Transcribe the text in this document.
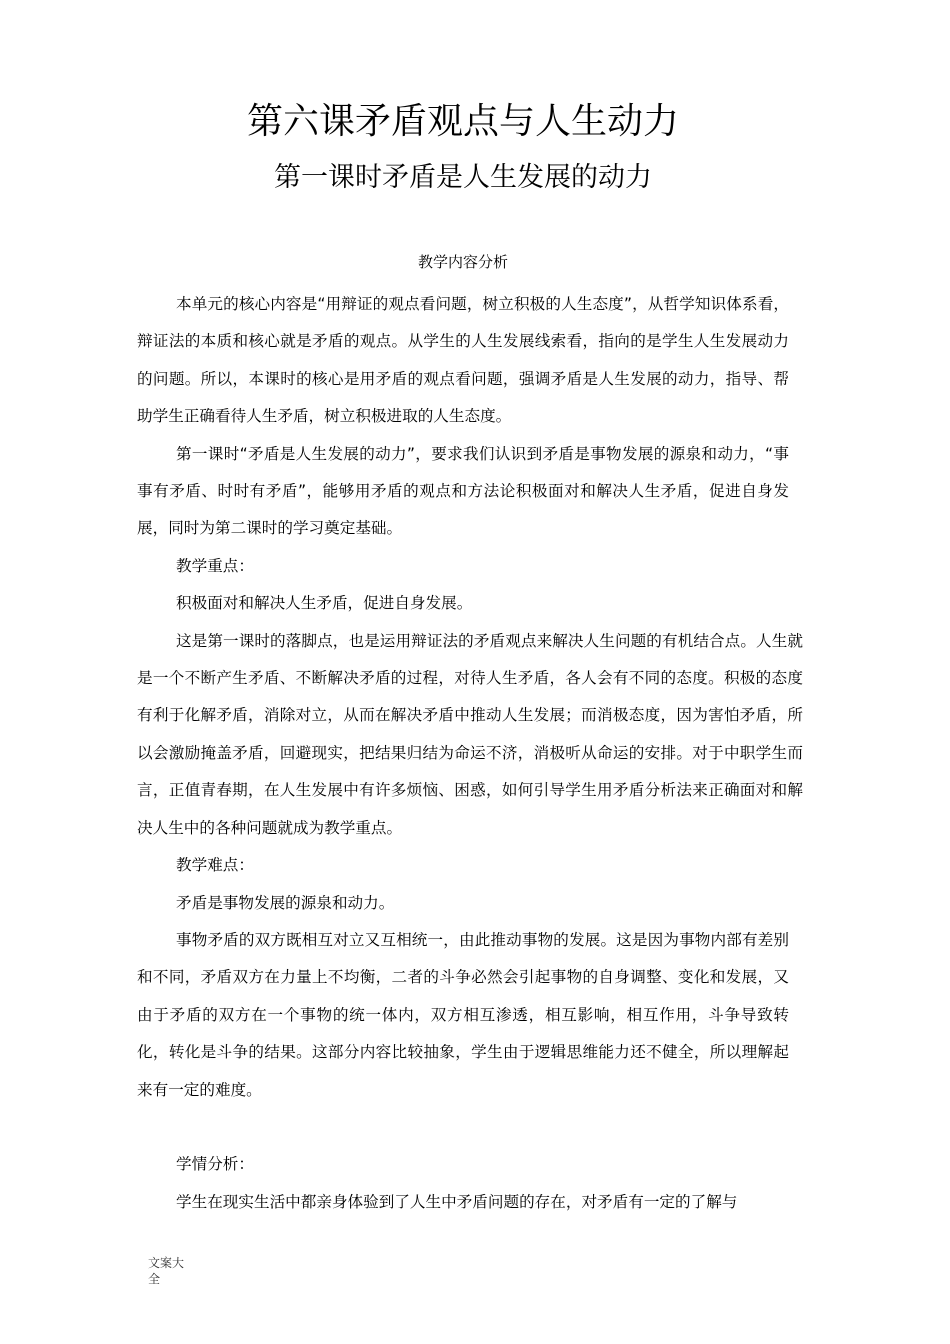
第六课矛盾观点与人生动力
第一课时矛盾是人生发展的动力
教学内容分析

本单元的核心内容是“用辩证的观点看问题，树立积极的人生态度”，从哲学知识体系看，辩证法的本质和核心就是矛盾的观点。从学生的人生发展线索看，指向的是学生人生发展动力的问题。所以，本课时的核心是用矛盾的观点看问题，强调矛盾是人生发展的动力，指导、帮助学生正确看待人生矛盾，树立积极进取的人生态度。

第一课时“矛盾是人生发展的动力”，要求我们认识到矛盾是事物发展的源泉和动力，“事事有矛盾、时时有矛盾”，能够用矛盾的观点和方法论积极面对和解决人生矛盾，促进自身发展，同时为第二课时的学习奠定基础。

教学重点：

积极面对和解决人生矛盾，促进自身发展。

这是第一课时的落脚点，也是运用辩证法的矛盾观点来解决人生问题的有机结合点。人生就是一个不断产生矛盾、不断解决矛盾的过程，对待人生矛盾，各人会有不同的态度。积极的态度有利于化解矛盾，消除对立，从而在解决矛盾中推动人生发展；而消极态度，因为害怕矛盾，所以会激励掩盖矛盾，回避现实，把结果归结为命运不济，消极听从命运的安排。对于中职学生而言，正值青春期，在人生发展中有许多烦恼、困惑，如何引导学生用矛盾分析法来正确面对和解决人生中的各种问题就成为教学重点。

教学难点：

矛盾是事物发展的源泉和动力。

事物矛盾的双方既相互对立又互相统一，由此推动事物的发展。这是因为事物内部有差别和不同，矛盾双方在力量上不均衡，二者的斗争必然会引起事物的自身调整、变化和发展，又由于矛盾的双方在一个事物的统一体内，双方相互渗透，相互影响，相互作用，斗争导致转化，转化是斗争的结果。这部分内容比较抽象，学生由于逻辑思维能力还不健全，所以理解起来有一定的难度。

学情分析：

学生在现实生活中都亲身体验到了人生中矛盾问题的存在，对矛盾有一定的了解与

文案大全
